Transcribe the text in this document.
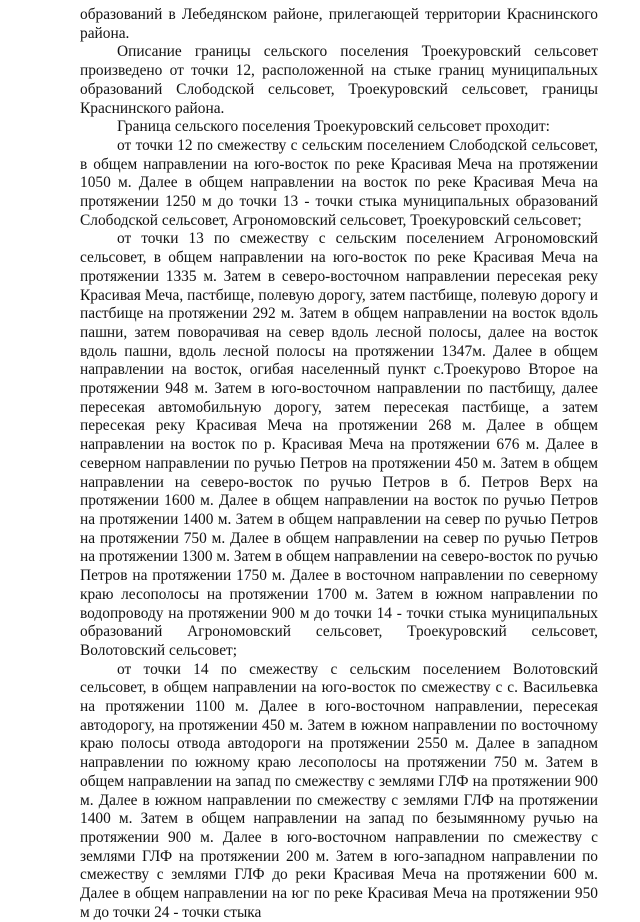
образований в Лебедянском районе, прилегающей территории Краснинского района.

Описание границы сельского поселения Троекуровский сельсовет произведено от точки 12, расположенной на стыке границ муниципальных образований Слободской сельсовет, Троекуровский сельсовет, границы Краснинского района.

Граница сельского поселения Троекуровский сельсовет проходит:

от точки 12 по смежеству с сельским поселением Слободской сельсовет, в общем направлении на юго-восток по реке Красивая Меча на протяжении 1050 м. Далее в общем направлении на восток по реке Красивая Меча на протяжении 1250 м до точки 13 - точки стыка муниципальных образований Слободской сельсовет, Агрономовский сельсовет, Троекуровский сельсовет;

от точки 13 по смежеству с сельским поселением Агрономовский сельсовет, в общем направлении на юго-восток по реке Красивая Меча на протяжении 1335 м. Затем в северо-восточном направлении пересекая реку Красивая Меча, пастбище, полевую дорогу, затем пастбище, полевую дорогу и пастбище на протяжении 292 м. Затем в общем направлении на восток вдоль пашни, затем поворачивая на север вдоль лесной полосы, далее на восток вдоль пашни, вдоль лесной полосы на протяжении 1347м. Далее в общем направлении на восток, огибая населенный пункт с.Троекурово Второе на протяжении 948 м. Затем в юго-восточном направлении по пастбищу, далее пересекая автомобильную дорогу, затем пересекая пастбище, а затем пересекая реку Красивая Меча на протяжении 268 м. Далее в общем направлении на восток по р. Красивая Меча на протяжении 676 м. Далее в северном направлении по ручью Петров на протяжении 450 м. Затем в общем направлении на северо-восток по ручью Петров в б. Петров Верх на протяжении 1600 м. Далее в общем направлении на восток по ручью Петров на протяжении 1400 м. Затем в общем направлении на север по ручью Петров на протяжении 750 м. Далее в общем направлении на север по ручью Петров на протяжении 1300 м. Затем в общем направлении на северо-восток по ручью Петров на протяжении 1750 м. Далее в восточном направлении по северному краю лесополосы на протяжении 1700 м. Затем в южном направлении по водопроводу на протяжении 900 м до точки 14 - точки стыка муниципальных образований Агрономовский сельсовет, Троекуровский сельсовет, Волотовский сельсовет;

от точки 14 по смежеству с сельским поселением Волотовский сельсовет, в общем направлении на юго-восток по смежеству с с. Васильевка на протяжении 1100 м. Далее в юго-восточном направлении, пересекая автодорогу, на протяжении 450 м. Затем в южном направлении по восточному краю полосы отвода автодороги на протяжении 2550 м. Далее в западном направлении по южному краю лесополосы на протяжении 750 м. Затем в общем направлении на запад по смежеству с землями ГЛФ на протяжении 900 м. Далее в южном направлении по смежеству с землями ГЛФ на протяжении 1400 м. Затем в общем направлении на запад по безымянному ручью на протяжении 900 м. Далее в юго-восточном направлении по смежеству с землями ГЛФ на протяжении 200 м. Затем в юго-западном направлении по смежеству с землями ГЛФ до реки Красивая Меча на протяжении 600 м. Далее в общем направлении на юг по реке Красивая Меча на протяжении 950 м до точки 24 - точки стыка
